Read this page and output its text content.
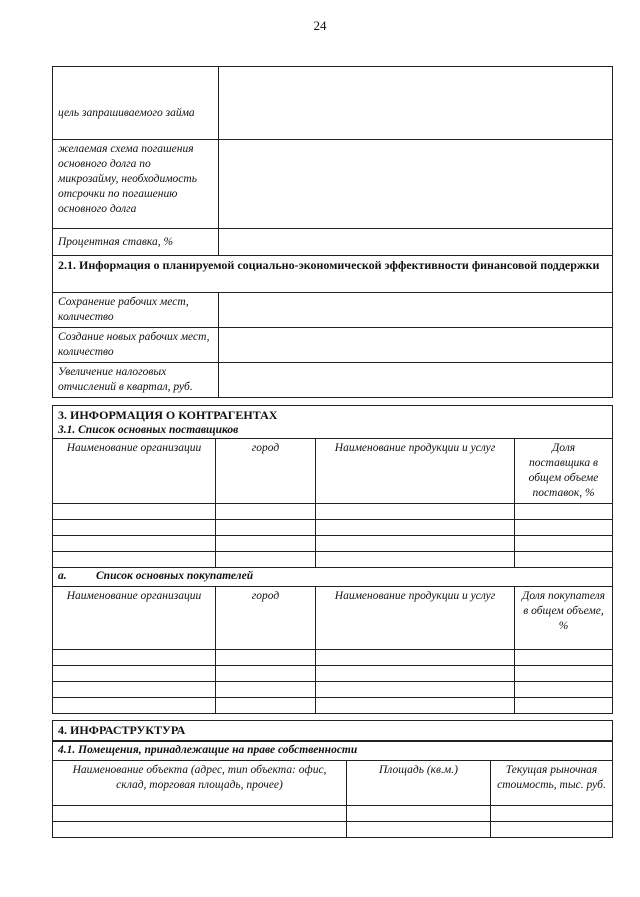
24
цель запрашиваемого займа	
желаемая схема погашения основного долга по микрозайму, необходимость отсрочки по погашению основного долга	
Процентная ставка, %	
2.1. Информация о планируемой социально-экономической эффективности финансовой поддержки	
Сохранение рабочих мест, количество	
Создание новых рабочих мест, количество	
Увеличение налоговых отчислений в квартал, руб.	
3. ИНФОРМАЦИЯ О КОНТРАГЕНТАХ
3.1. Список основных поставщиков			

Наименование организации	город	Наименование продукции и услуг	Доля поставщика в общем объеме поставок, %

a. Список основных покупателей			
Наименование организации	город	Наименование продукции и услуг	Доля покупателя в общем объеме, %

4. ИНФРАСТРУКТУРА		
4.1. Помещения, принадлежащие на праве собственности		
Наименование объекта (адрес, тип объекта: офис, склад, торговая площадь, прочее)	Площадь (кв.м.)	Текущая рыночная стоимость, тыс. руб.
